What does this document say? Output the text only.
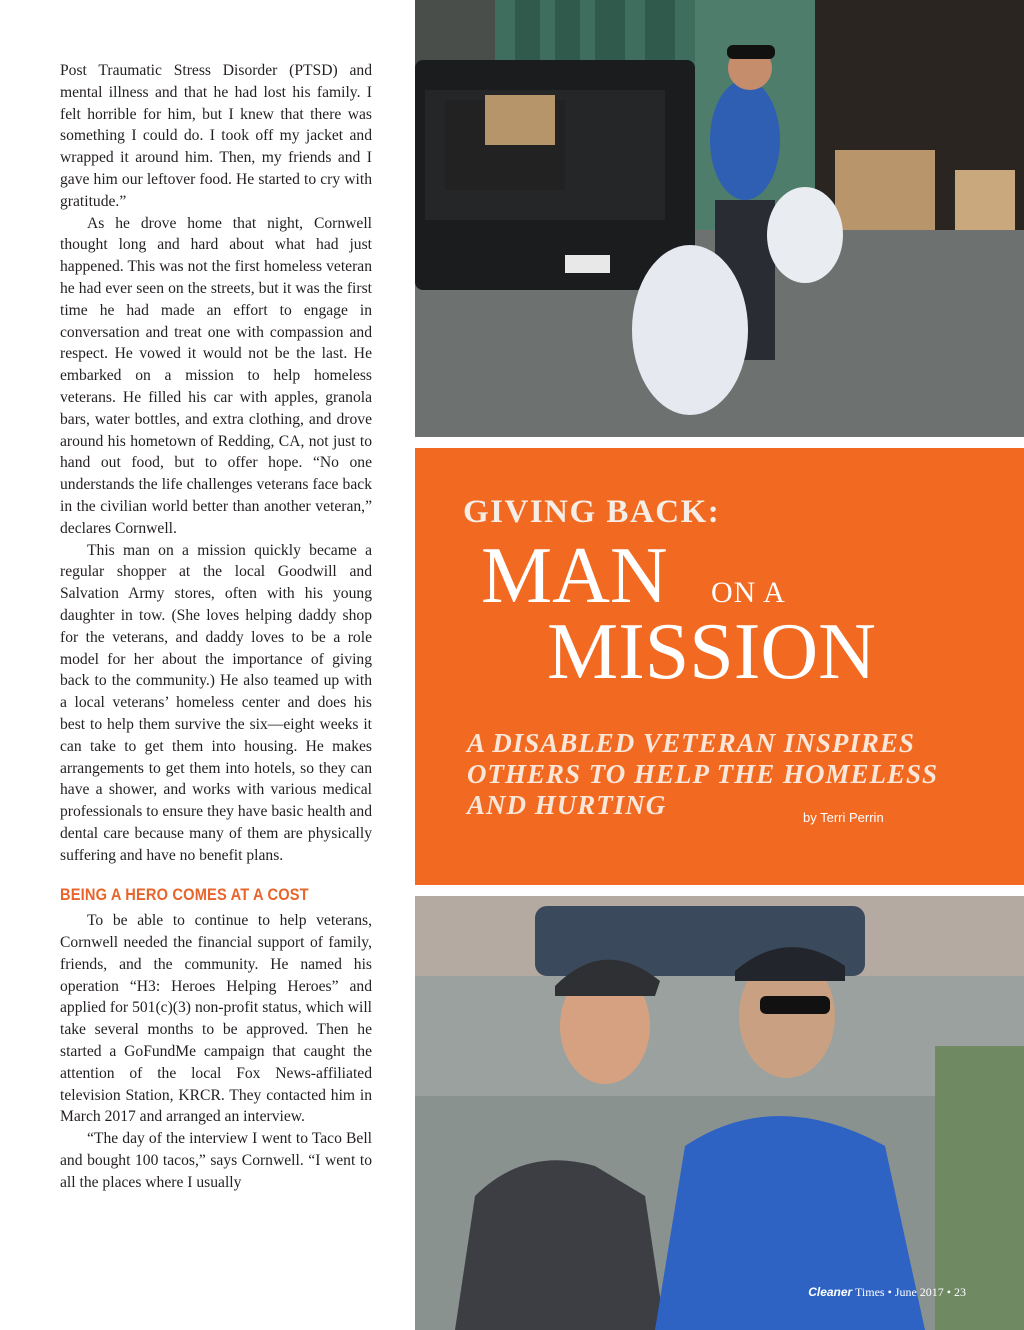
Post Traumatic Stress Disorder (PTSD) and mental illness and that he had lost his family. I felt horrible for him, but I knew that there was something I could do. I took off my jacket and wrapped it around him. Then, my friends and I gave him our leftover food. He started to cry with gratitude.”

As he drove home that night, Cornwell thought long and hard about what had just happened. This was not the first homeless veteran he had ever seen on the streets, but it was the first time he had made an effort to engage in conversation and treat one with compassion and respect. He vowed it would not be the last. He embarked on a mission to help homeless veterans. He filled his car with apples, granola bars, water bottles, and extra clothing, and drove around his hometown of Redding, CA, not just to hand out food, but to offer hope. “No one understands the life challenges veterans face back in the civilian world better than another veteran,” declares Cornwell.

This man on a mission quickly became a regular shopper at the local Goodwill and Salvation Army stores, often with his young daughter in tow. (She loves helping daddy shop for the veterans, and daddy loves to be a role model for her about the importance of giving back to the community.) He also teamed up with a local veterans’ homeless center and does his best to help them survive the six—eight weeks it can take to get them into housing. He makes arrangements to get them into hotels, so they can have a shower, and works with various medical professionals to ensure they have basic health and dental care because many of them are physically suffering and have no benefit plans.

BEING A HERO COMES AT A COST

To be able to continue to help veterans, Cornwell needed the financial support of family, friends, and the community. He named his operation “H3: Heroes Helping Heroes” and applied for 501(c)(3) non-profit status, which will take several months to be approved. Then he started a GoFundMe campaign that caught the attention of the local Fox News-affiliated television Station, KRCR. They contacted him in March 2017 and arranged an interview.

“The day of the interview I went to Taco Bell and bought 100 tacos,” says Cornwell. “I went to all the places where I usually

GIVING BACK:
MAN ON A
MISSION
A DISABLED VETERAN INSPIRES OTHERS TO HELP THE HOMELESS AND HURTING	by Terri Perrin
Cleaner Times • June 2017 • 23
